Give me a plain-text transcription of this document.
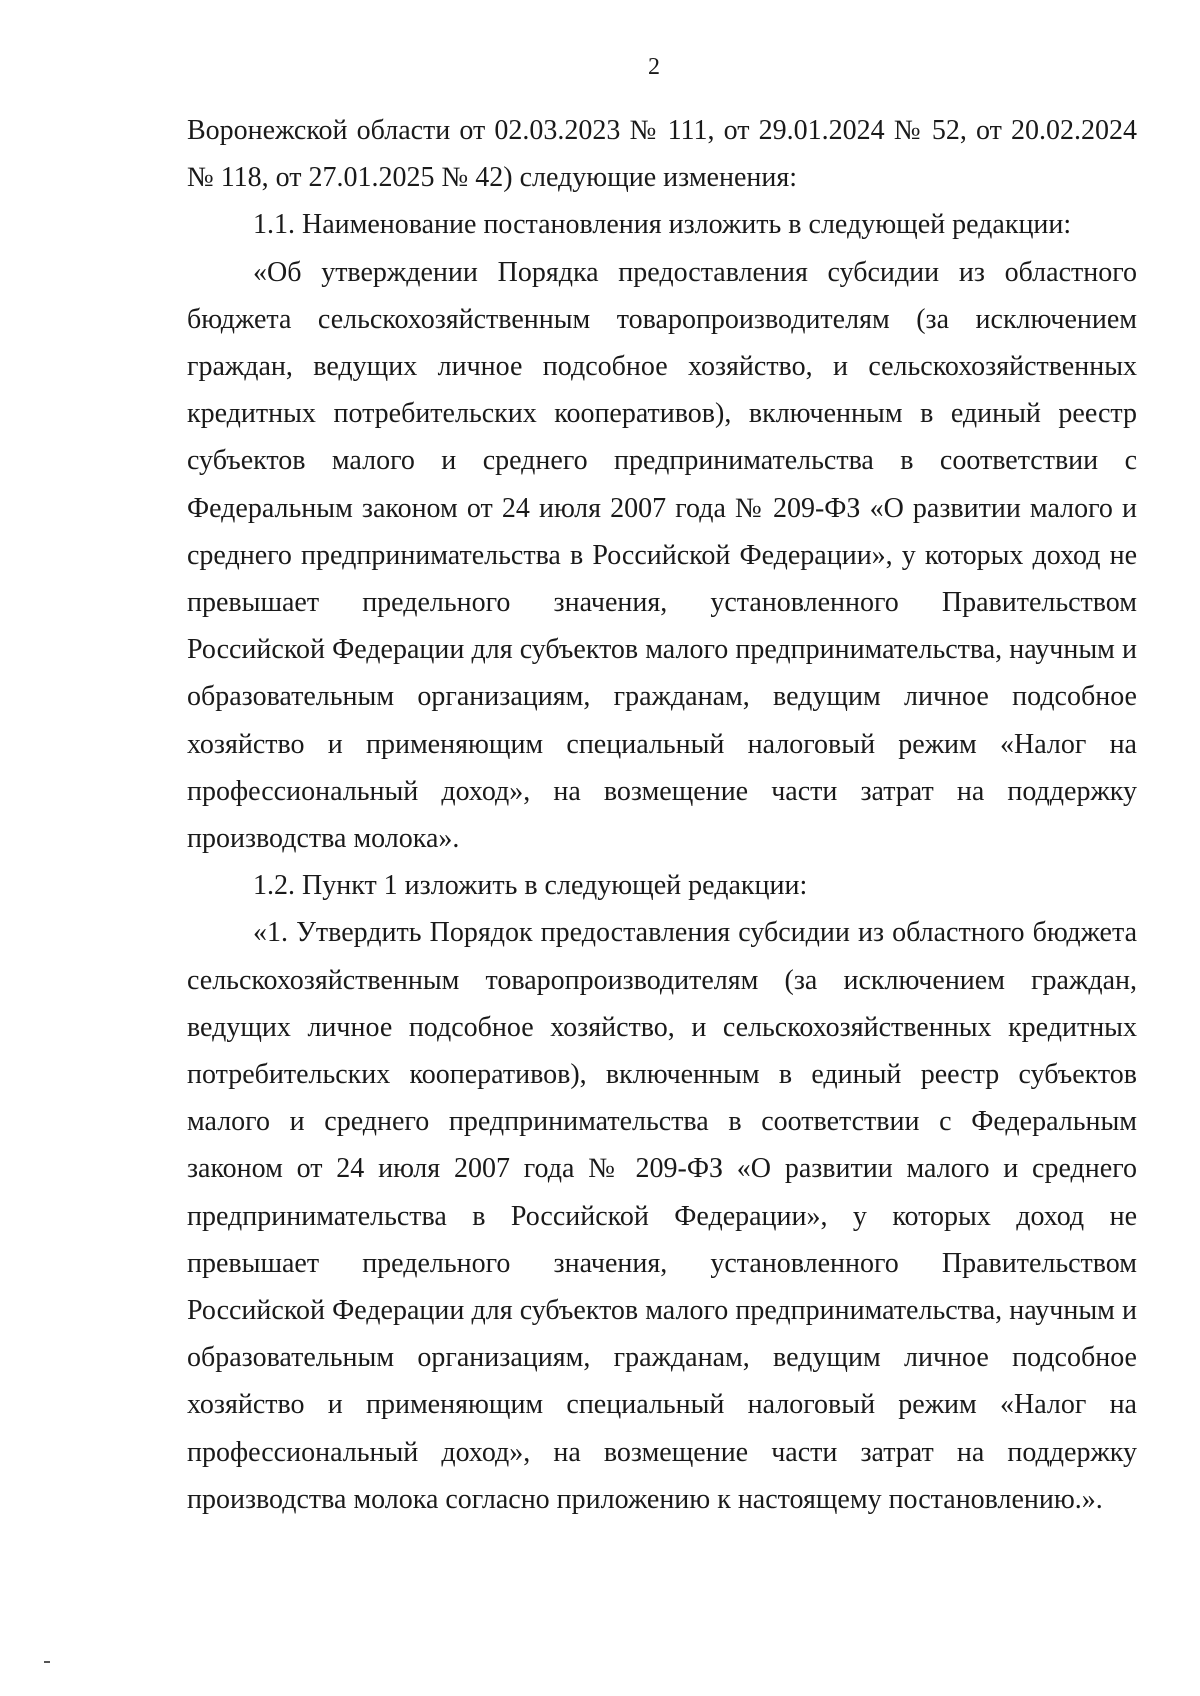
2

Воронежской области от 02.03.2023 № 111, от 29.01.2024 № 52, от 20.02.2024 № 118, от 27.01.2025 № 42) следующие изменения:

1.1. Наименование постановления изложить в следующей редакции:

«Об утверждении Порядка предоставления субсидии из областного бюджета сельскохозяйственным товаропроизводителям (за исключением граждан, ведущих личное подсобное хозяйство, и сельскохозяйственных кредитных потребительских кооперативов), включенным в единый реестр субъектов малого и среднего предпринимательства в соответствии с Федеральным законом от 24 июля 2007 года № 209-ФЗ «О развитии малого и среднего предпринимательства в Российской Федерации», у которых доход не превышает предельного значения, установленного Правительством Российской Федерации для субъектов малого предпринимательства, научным и образовательным организациям, гражданам, ведущим личное подсобное хозяйство и применяющим специальный налоговый режим «Налог на профессиональный доход», на возмещение части затрат на поддержку производства молока».

1.2. Пункт 1 изложить в следующей редакции:

«1. Утвердить Порядок предоставления субсидии из областного бюджета сельскохозяйственным товаропроизводителям (за исключением граждан, ведущих личное подсобное хозяйство, и сельскохозяйственных кредитных потребительских кооперативов), включенным в единый реестр субъектов малого и среднего предпринимательства в соответствии с Федеральным законом от 24 июля 2007 года № 209-ФЗ «О развитии малого и среднего предпринимательства в Российской Федерации», у которых доход не превышает предельного значения, установленного Правительством Российской Федерации для субъектов малого предпринимательства, научным и образовательным организациям, гражданам, ведущим личное подсобное хозяйство и применяющим специальный налоговый режим «Налог на профессиональный доход», на возмещение части затрат на поддержку производства молока согласно приложению к настоящему постановлению.».
